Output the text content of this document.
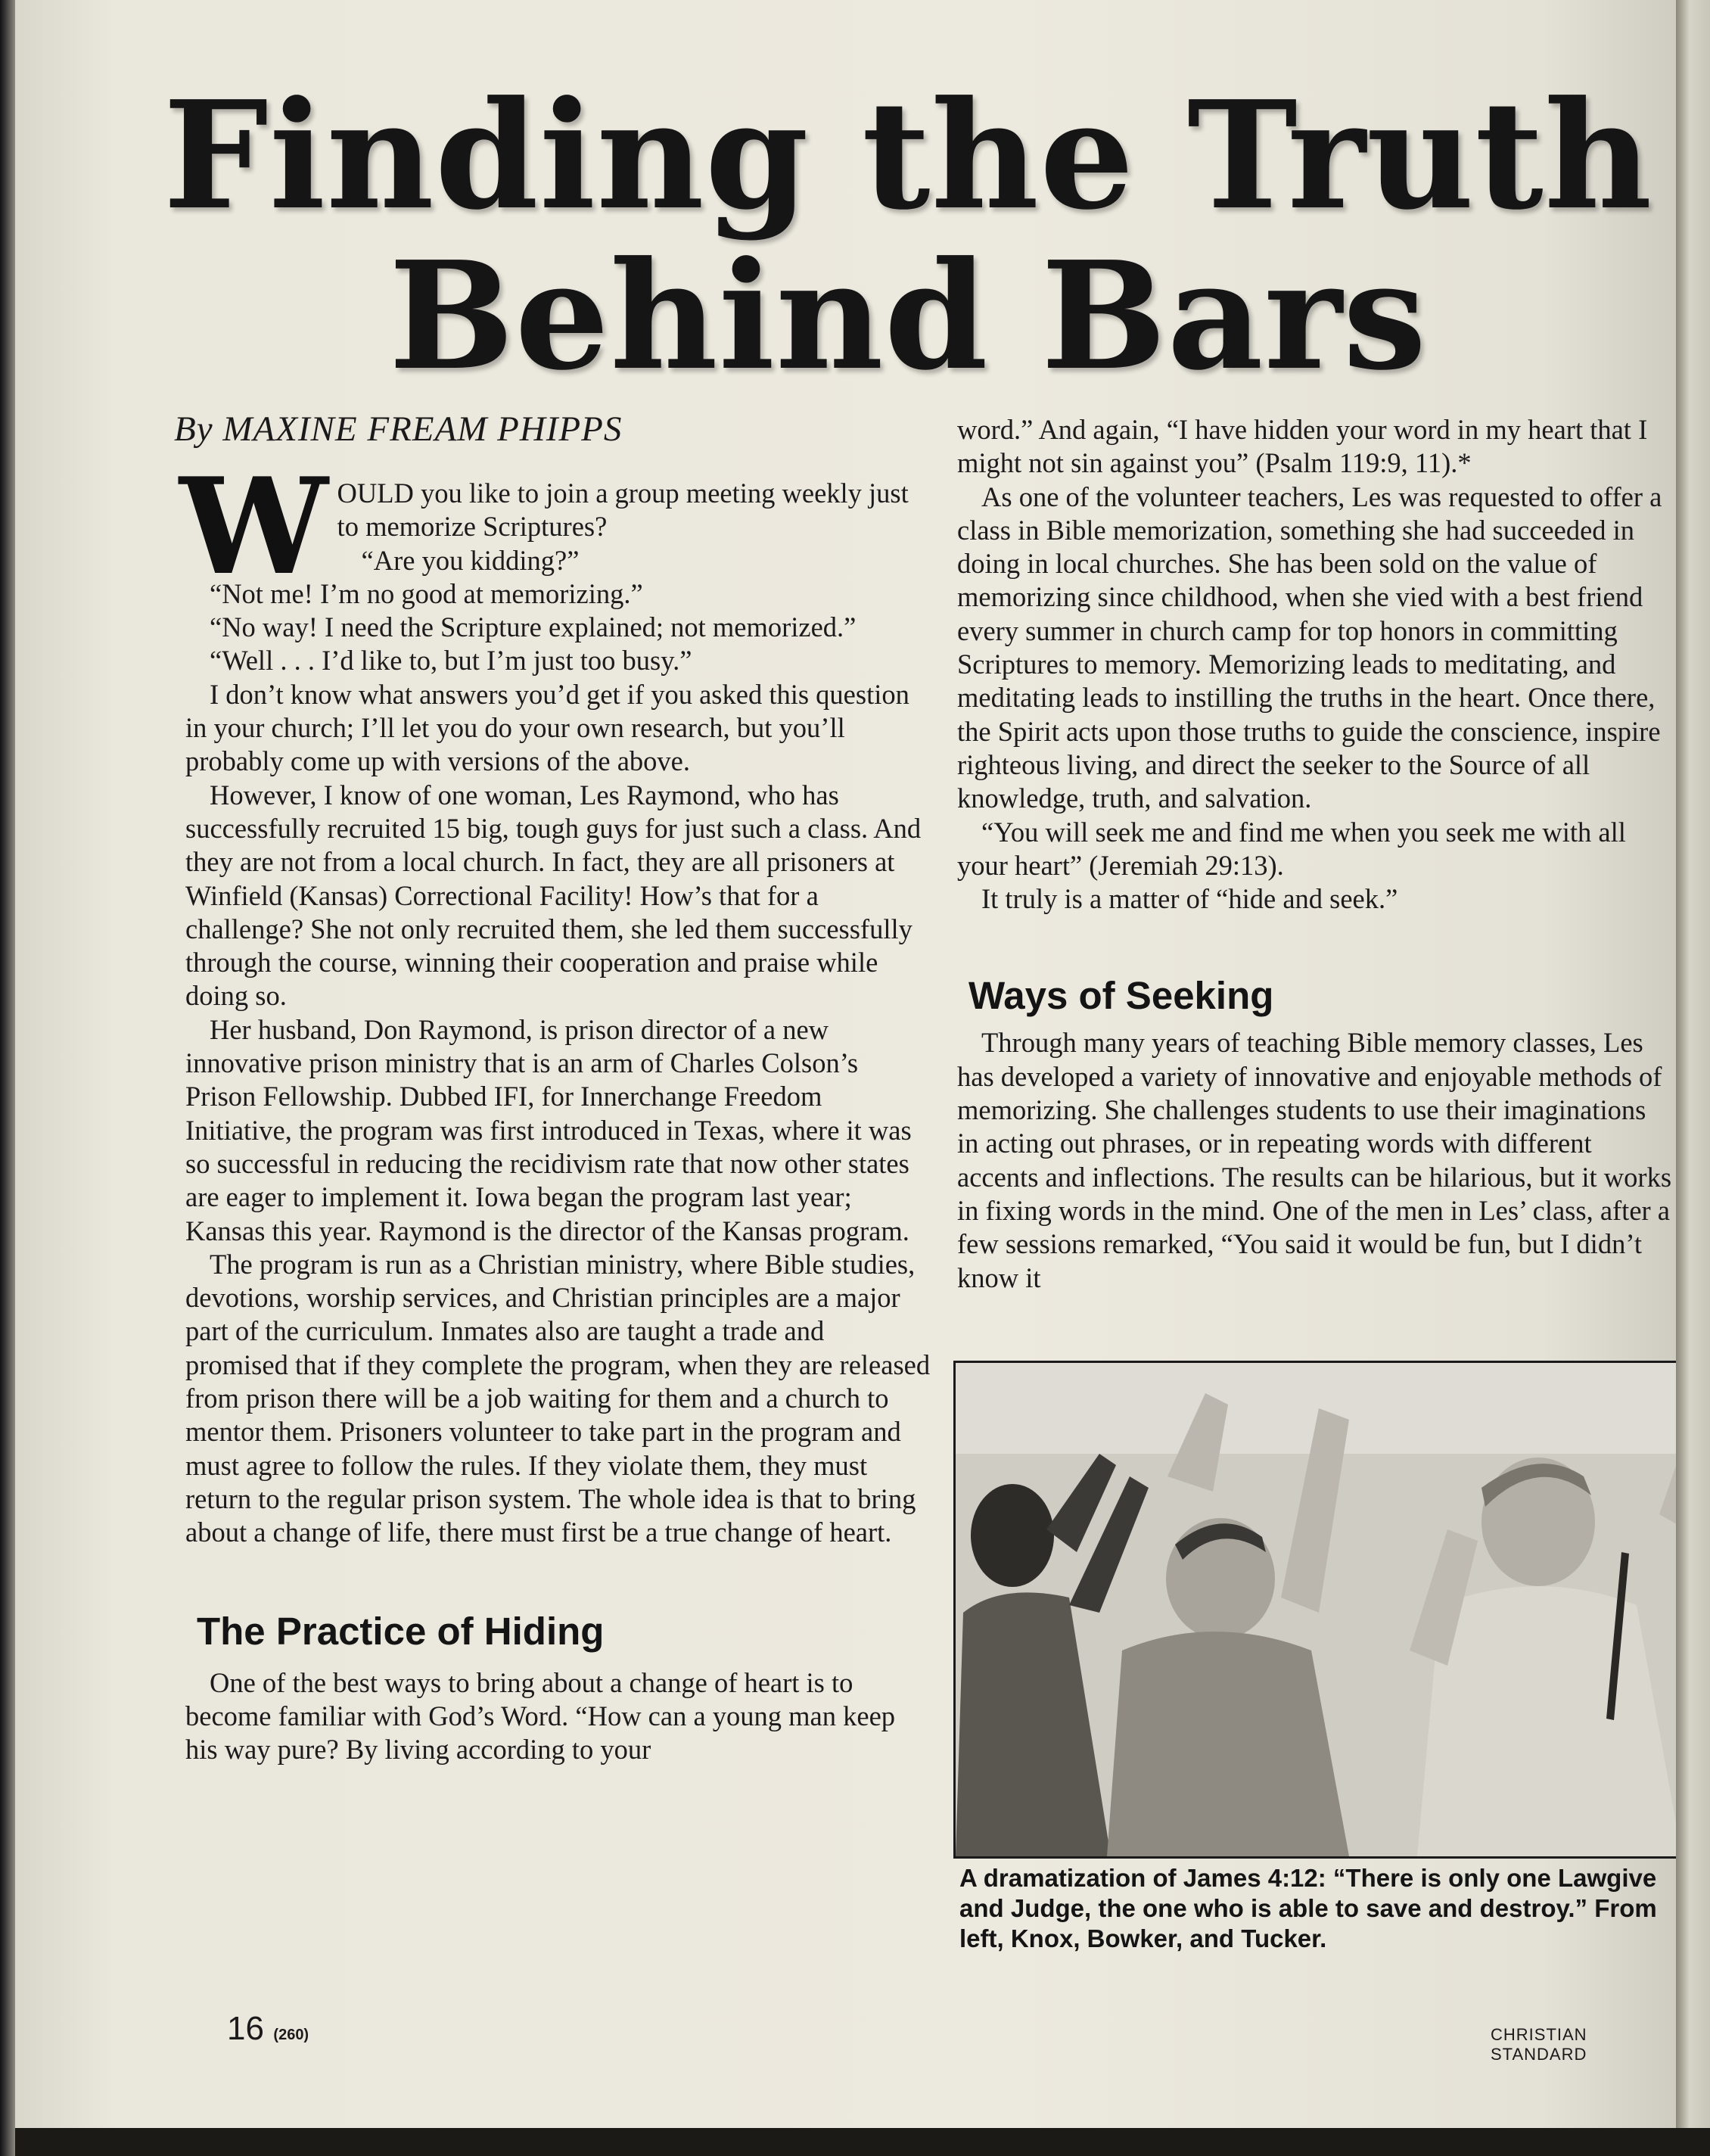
Finding the Truth
Behind Bars

By MAXINE FREAM PHIPPS

W OULD you like to join a group meeting weekly just to memorize Scriptures?

“Are you kidding?”

“Not me! I’m no good at memorizing.”

“No way! I need the Scripture explained; not memorized.”

“Well . . . I’d like to, but I’m just too busy.”

I don’t know what answers you’d get if you asked this question in your church; I’ll let you do your own research, but you’ll probably come up with versions of the above.

However, I know of one woman, Les Raymond, who has successfully recruited 15 big, tough guys for just such a class. And they are not from a local church. In fact, they are all prisoners at Winfield (Kansas) Correctional Facility! How’s that for a challenge? She not only recruited them, she led them successfully through the course, winning their cooperation and praise while doing so.

Her husband, Don Raymond, is prison director of a new innovative prison ministry that is an arm of Charles Colson’s Prison Fellowship. Dubbed IFI, for Innerchange Freedom Initiative, the program was first introduced in Texas, where it was so successful in reducing the recidivism rate that now other states are eager to implement it. Iowa began the program last year; Kansas this year. Raymond is the director of the Kansas program.

The program is run as a Christian ministry, where Bible studies, devotions, worship services, and Christian principles are a major part of the curriculum. Inmates also are taught a trade and promised that if they complete the program, when they are released from prison there will be a job waiting for them and a church to mentor them. Prisoners volunteer to take part in the program and must agree to follow the rules. If they violate them, they must return to the regular prison system. The whole idea is that to bring about a change of life, there must first be a true change of heart.

The Practice of Hiding

One of the best ways to bring about a change of heart is to become familiar with God’s Word. “How can a young man keep his way pure? By living according to your

word.” And again, “I have hidden your word in my heart that I might not sin against you” (Psalm 119:9, 11).*

As one of the volunteer teachers, Les was requested to offer a class in Bible memorization, something she had succeeded in doing in local churches. She has been sold on the value of memorizing since childhood, when she vied with a best friend every summer in church camp for top honors in committing Scriptures to memory. Memorizing leads to meditating, and meditating leads to instilling the truths in the heart. Once there, the Spirit acts upon those truths to guide the conscience, inspire righteous living, and direct the seeker to the Source of all knowledge, truth, and salvation.

“You will seek me and find me when you seek me with all your heart” (Jeremiah 29:13).

It truly is a matter of “hide and seek.”

Ways of Seeking

Through many years of teaching Bible memory classes, Les has developed a variety of innovative and enjoyable methods of memorizing. She challenges students to use their imaginations in acting out phrases, or in repeating words with different accents and inflections. The results can be hilarious, but it works in fixing words in the mind. One of the men in Les’ class, after a few sessions remarked, “You said it would be fun, but I didn’t know it

A dramatization of James 4:12: “There is only one Lawgive
and Judge, the one who is able to save and destroy.” From
left, Knox, Bowker, and Tucker.

16 (260)	CHRISTIAN STANDARD
